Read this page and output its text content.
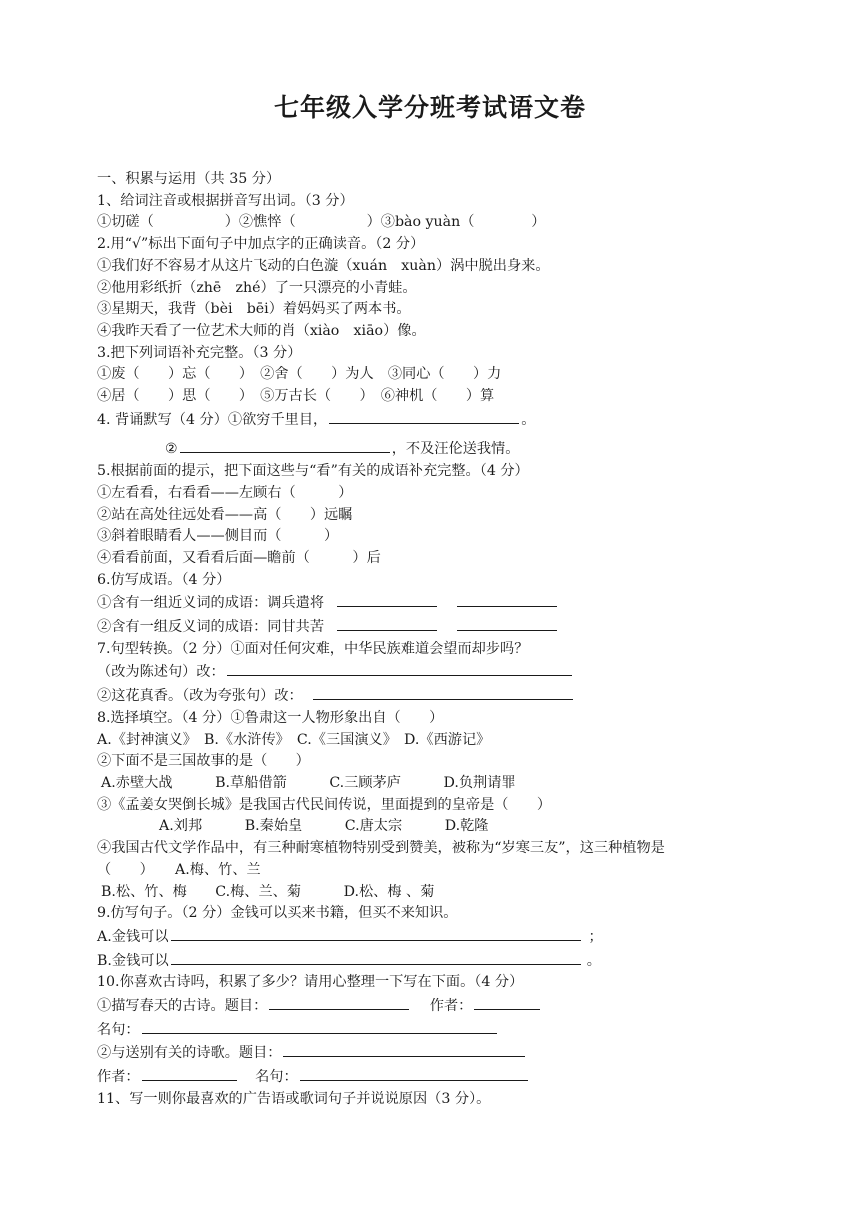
七年级入学分班考试语文卷
一、积累与运用（共 35 分）
1、给词注音或根据拼音写出词。（3 分）
①切磋（　　　　　）②憔悴（　　　　　）③bào yuàn（　　　　）
2.用“√”标出下面句子中加点字的正确读音。（2 分）
①我们好不容易才从这片飞动的白色漩（xuán　xuàn）涡中脱出身来。
②他用彩纸折（zhē　zhé）了一只漂亮的小青蛙。
③星期天，我背（bèi　bēi）着妈妈买了两本书。
④我昨天看了一位艺术大师的肖（xiào　xiāo）像。
3.把下列词语补充完整。（3 分）
①废（　　）忘（　　）　②舍（　　）为人　③同心（　　）力
④居（　　）思（　　）　⑤万古长（　　）　⑥神机（　　）算
4. 背诵默写（4 分）①欲穷千里目，	。
②	，不及汪伦送我情。
5.根据前面的提示，把下面这些与“看”有关的成语补充完整。（4 分）
①左看看，右看看——左顾右（　　　）
②站在高处往远处看——高（　　）远瞩
③斜着眼睛看人——侧目而（　　　）
④看看前面，又看看后面—瞻前（　　　）后
6.仿写成语。（4 分）
①含有一组近义词的成语：调兵遣将
②含有一组反义词的成语：同甘共苦
7.句型转换。（2 分）①面对任何灾难，中华民族难道会望而却步吗？
（改为陈述句）改：
②这花真香。（改为夸张句）改：
8.选择填空。（4 分）①鲁肃这一人物形象出自（　　）
A.《封神演义》　B.《水浒传》　C.《三国演义》　D.《西游记》
②下面不是三国故事的是（　　）
A.赤壁大战　　　B.草船借箭　　　C.三顾茅庐　　　D.负荆请罪
③《孟姜女哭倒长城》是我国古代民间传说，里面提到的皇帝是（　　）
A.刘邦　　　B.秦始皇　　　C.唐太宗　　　D.乾隆
④我国古代文学作品中，有三种耐寒植物特别受到赞美，被称为“岁寒三友”，这三种植物是
（　　）　　A.梅、竹、兰
B.松、竹、梅　　C.梅、兰、菊　　　D.松、梅 、菊
9.仿写句子。（2 分）金钱可以买来书籍，但买不来知识。
A.金钱可以	；
B.金钱可以	。
10.你喜欢古诗吗，积累了多少？请用心整理一下写在下面。（4 分）
①描写春天的古诗。题目：	作者：
名句：
②与送别有关的诗歌。题目：
作者：	名句：
11、写一则你最喜欢的广告语或歌词句子并说说原因（3 分）。
